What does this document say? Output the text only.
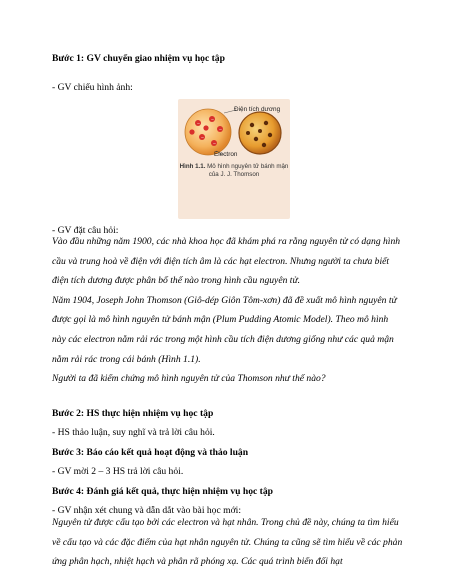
Bước 1: GV chuyển giao nhiệm vụ học tập

- GV chiếu hình ảnh:

- GV đặt câu hỏi:

Vào đầu những năm 1900, các nhà khoa học đã khám phá ra rằng nguyên tử có dạng hình cầu và trung hoà về điện với điện tích âm là các hạt electron. Nhưng người ta chưa biết điện tích dương được phân bố thế nào trong hình cầu nguyên tử.

Năm 1904, Joseph John Thomson (Giô-dép Giôn Tôm-xơn) đã đề xuất mô hình nguyên tử được gọi là mô hình nguyên tử bánh mận (Plum Pudding Atomic Model). Theo mô hình này các electron nằm rải rác trong một hình cầu tích điện dương giống như các quả mận nằm rải rác trong cái bánh (Hình 1.1).

Người ta đã kiểm chứng mô hình nguyên tử của Thomson như thế nào?

Bước 2: HS thực hiện nhiệm vụ học tập

- HS thảo luận, suy nghĩ và trả lời câu hỏi.

Bước 3: Báo cáo kết quả hoạt động và thảo luận

- GV mời 2 – 3 HS trả lời câu hỏi.

Bước 4: Đánh giá kết quả, thực hiện nhiệm vụ học tập

- GV nhận xét chung và dẫn dắt vào bài học mới:

Nguyên tử được cấu tạo bởi các electron và hạt nhân. Trong chủ đề này, chúng ta tìm hiểu về cấu tạo và các đặc điểm của hạt nhân nguyên tử. Chúng ta cũng sẽ tìm hiểu về các phản ứng phân hạch, nhiệt hạch và phân rã phóng xạ. Các quá trình biến đổi hạt

−
−
−
−
−
Điện tích dương
Electron
Hình 1.1. Mô hình nguyên tử bánh mận của J. J. Thomson
